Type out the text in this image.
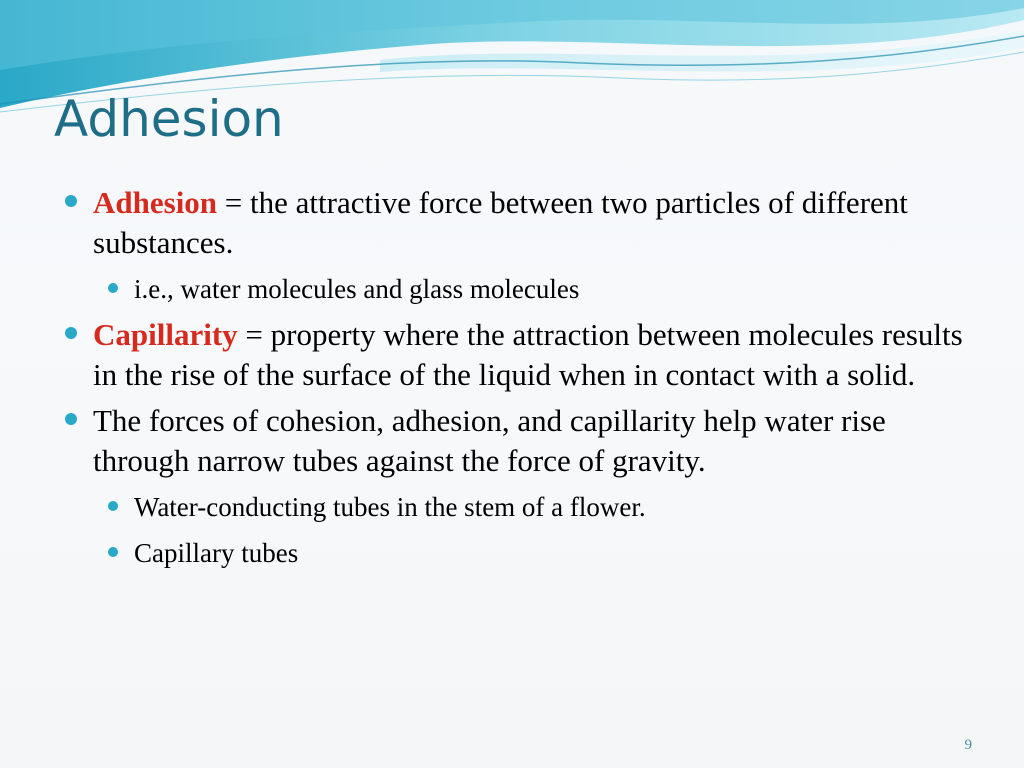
Adhesion
Adhesion = the attractive force between two particles of different substances.
i.e., water molecules and glass molecules
Capillarity = property where the attraction between molecules results in the rise of the surface of the liquid when in contact with a solid.
The forces of cohesion, adhesion, and capillarity help water rise through narrow tubes against the force of gravity.
Water-conducting tubes in the stem of a flower.
Capillary tubes
9
